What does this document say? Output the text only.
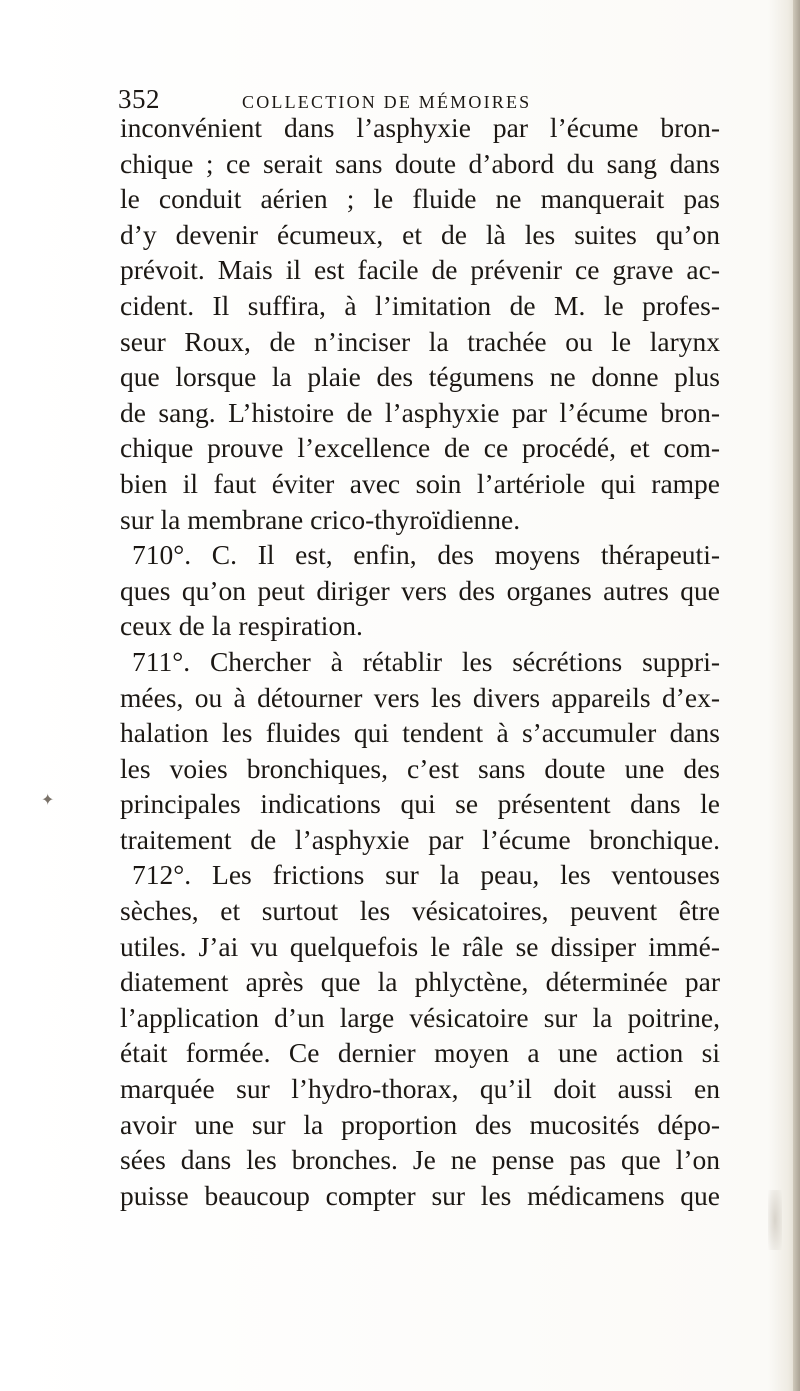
352	COLLECTION DE MÉMOIRES
✦
inconvénient dans l’asphyxie par l’écume bron-
chique ; ce serait sans doute d’abord du sang dans
le conduit aérien ; le fluide ne manquerait pas
d’y devenir écumeux, et de là les suites qu’on
prévoit. Mais il est facile de prévenir ce grave ac-
cident. Il suffira, à l’imitation de M. le profes-
seur Roux, de n’inciser la trachée ou le larynx
que lorsque la plaie des tégumens ne donne plus
de sang. L’histoire de l’asphyxie par l’écume bron-
chique prouve l’excellence de ce procédé, et com-
bien il faut éviter avec soin l’artériole qui rampe
sur la membrane crico-thyroïdienne.
710°. C. Il est, enfin, des moyens thérapeuti-
ques qu’on peut diriger vers des organes autres que
ceux de la respiration.
711°. Chercher à rétablir les sécrétions suppri-
mées, ou à détourner vers les divers appareils d’ex-
halation les fluides qui tendent à s’accumuler dans
les voies bronchiques, c’est sans doute une des
principales indications qui se présentent dans le
traitement de l’asphyxie par l’écume bronchique.
712°. Les frictions sur la peau, les ventouses
sèches, et surtout les vésicatoires, peuvent être
utiles. J’ai vu quelquefois le râle se dissiper immé-
diatement après que la phlyctène, déterminée par
l’application d’un large vésicatoire sur la poitrine,
était formée. Ce dernier moyen a une action si
marquée sur l’hydro-thorax, qu’il doit aussi en
avoir une sur la proportion des mucosités dépo-
sées dans les bronches. Je ne pense pas que l’on
puisse beaucoup compter sur les médicamens que
